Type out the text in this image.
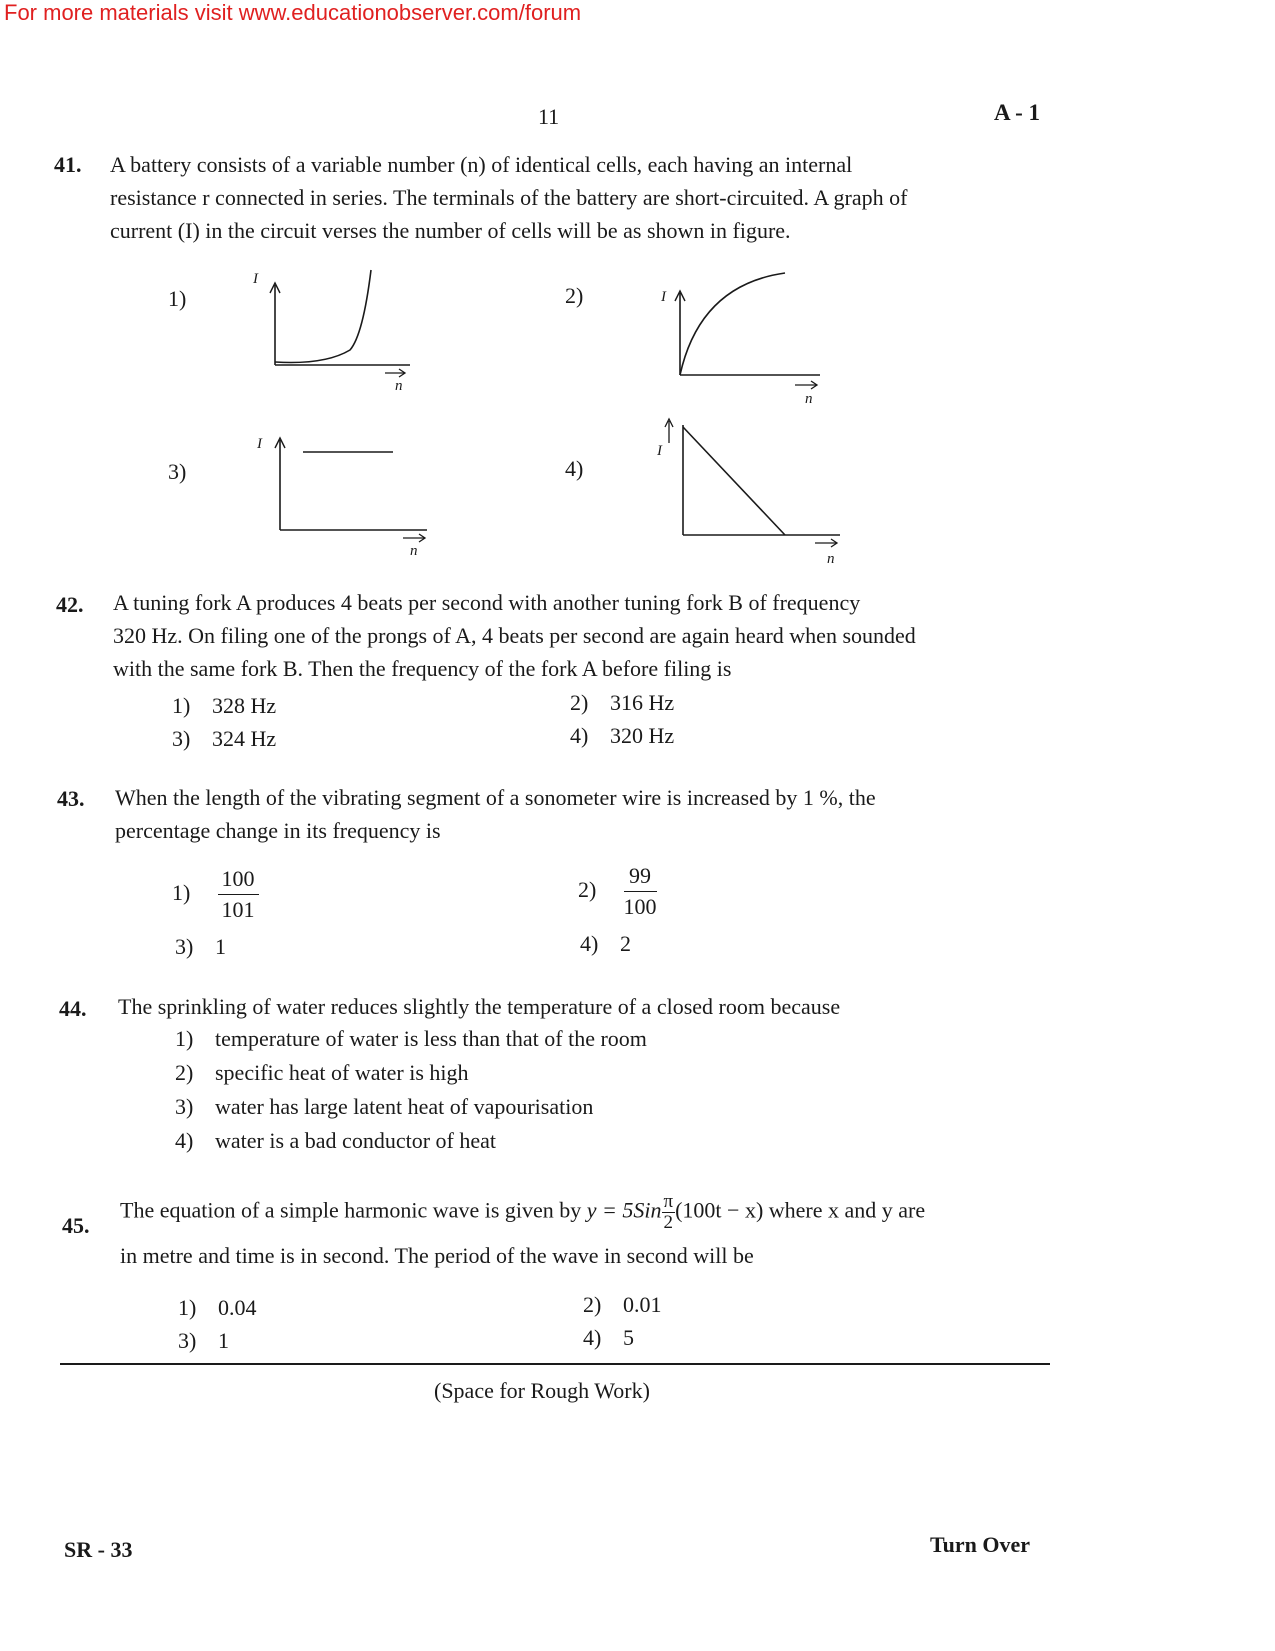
For more materials visit www.educationobserver.com/forum
11	A - 1
41. A battery consists of a variable number (n) of identical cells, each having an internal
resistance r connected in series. The terminals of the battery are short-circuited. A graph of
current (I) in the circuit verses the number of cells will be as shown in figure.
1)	2)
3)	4)
I
n
I
n
I
n
I
n
42. A tuning fork A produces 4 beats per second with another tuning fork B of frequency
320 Hz. On filing one of the prongs of A, 4 beats per second are again heard when sounded
with the same fork B. Then the frequency of the fork A before filing is
1) 328 Hz	2) 316 Hz
3) 324 Hz	4) 320 Hz
43. When the length of the vibrating segment of a sonometer wire is increased by 1 %, the
percentage change in its frequency is
$1) \frac{100}{101}$	$2) \frac{99}{100}$
3) 1	4) 2
44. The sprinkling of water reduces slightly the temperature of a closed room because
1) temperature of water is less than that of the room
2) specific heat of water is high
3) water has large latent heat of vapourisation
4) water is a bad conductor of heat
45.
The equation of a simple harmonic wave is given by $y = 5Sin \frac{\pi}{2} (100t - x)$ where x and y are
in metre and time is in second. The period of the wave in second will be
1) 0.04	2) 0.01
3) 1	4) 5
(Space for Rough Work)
SR - 33	Turn Over
